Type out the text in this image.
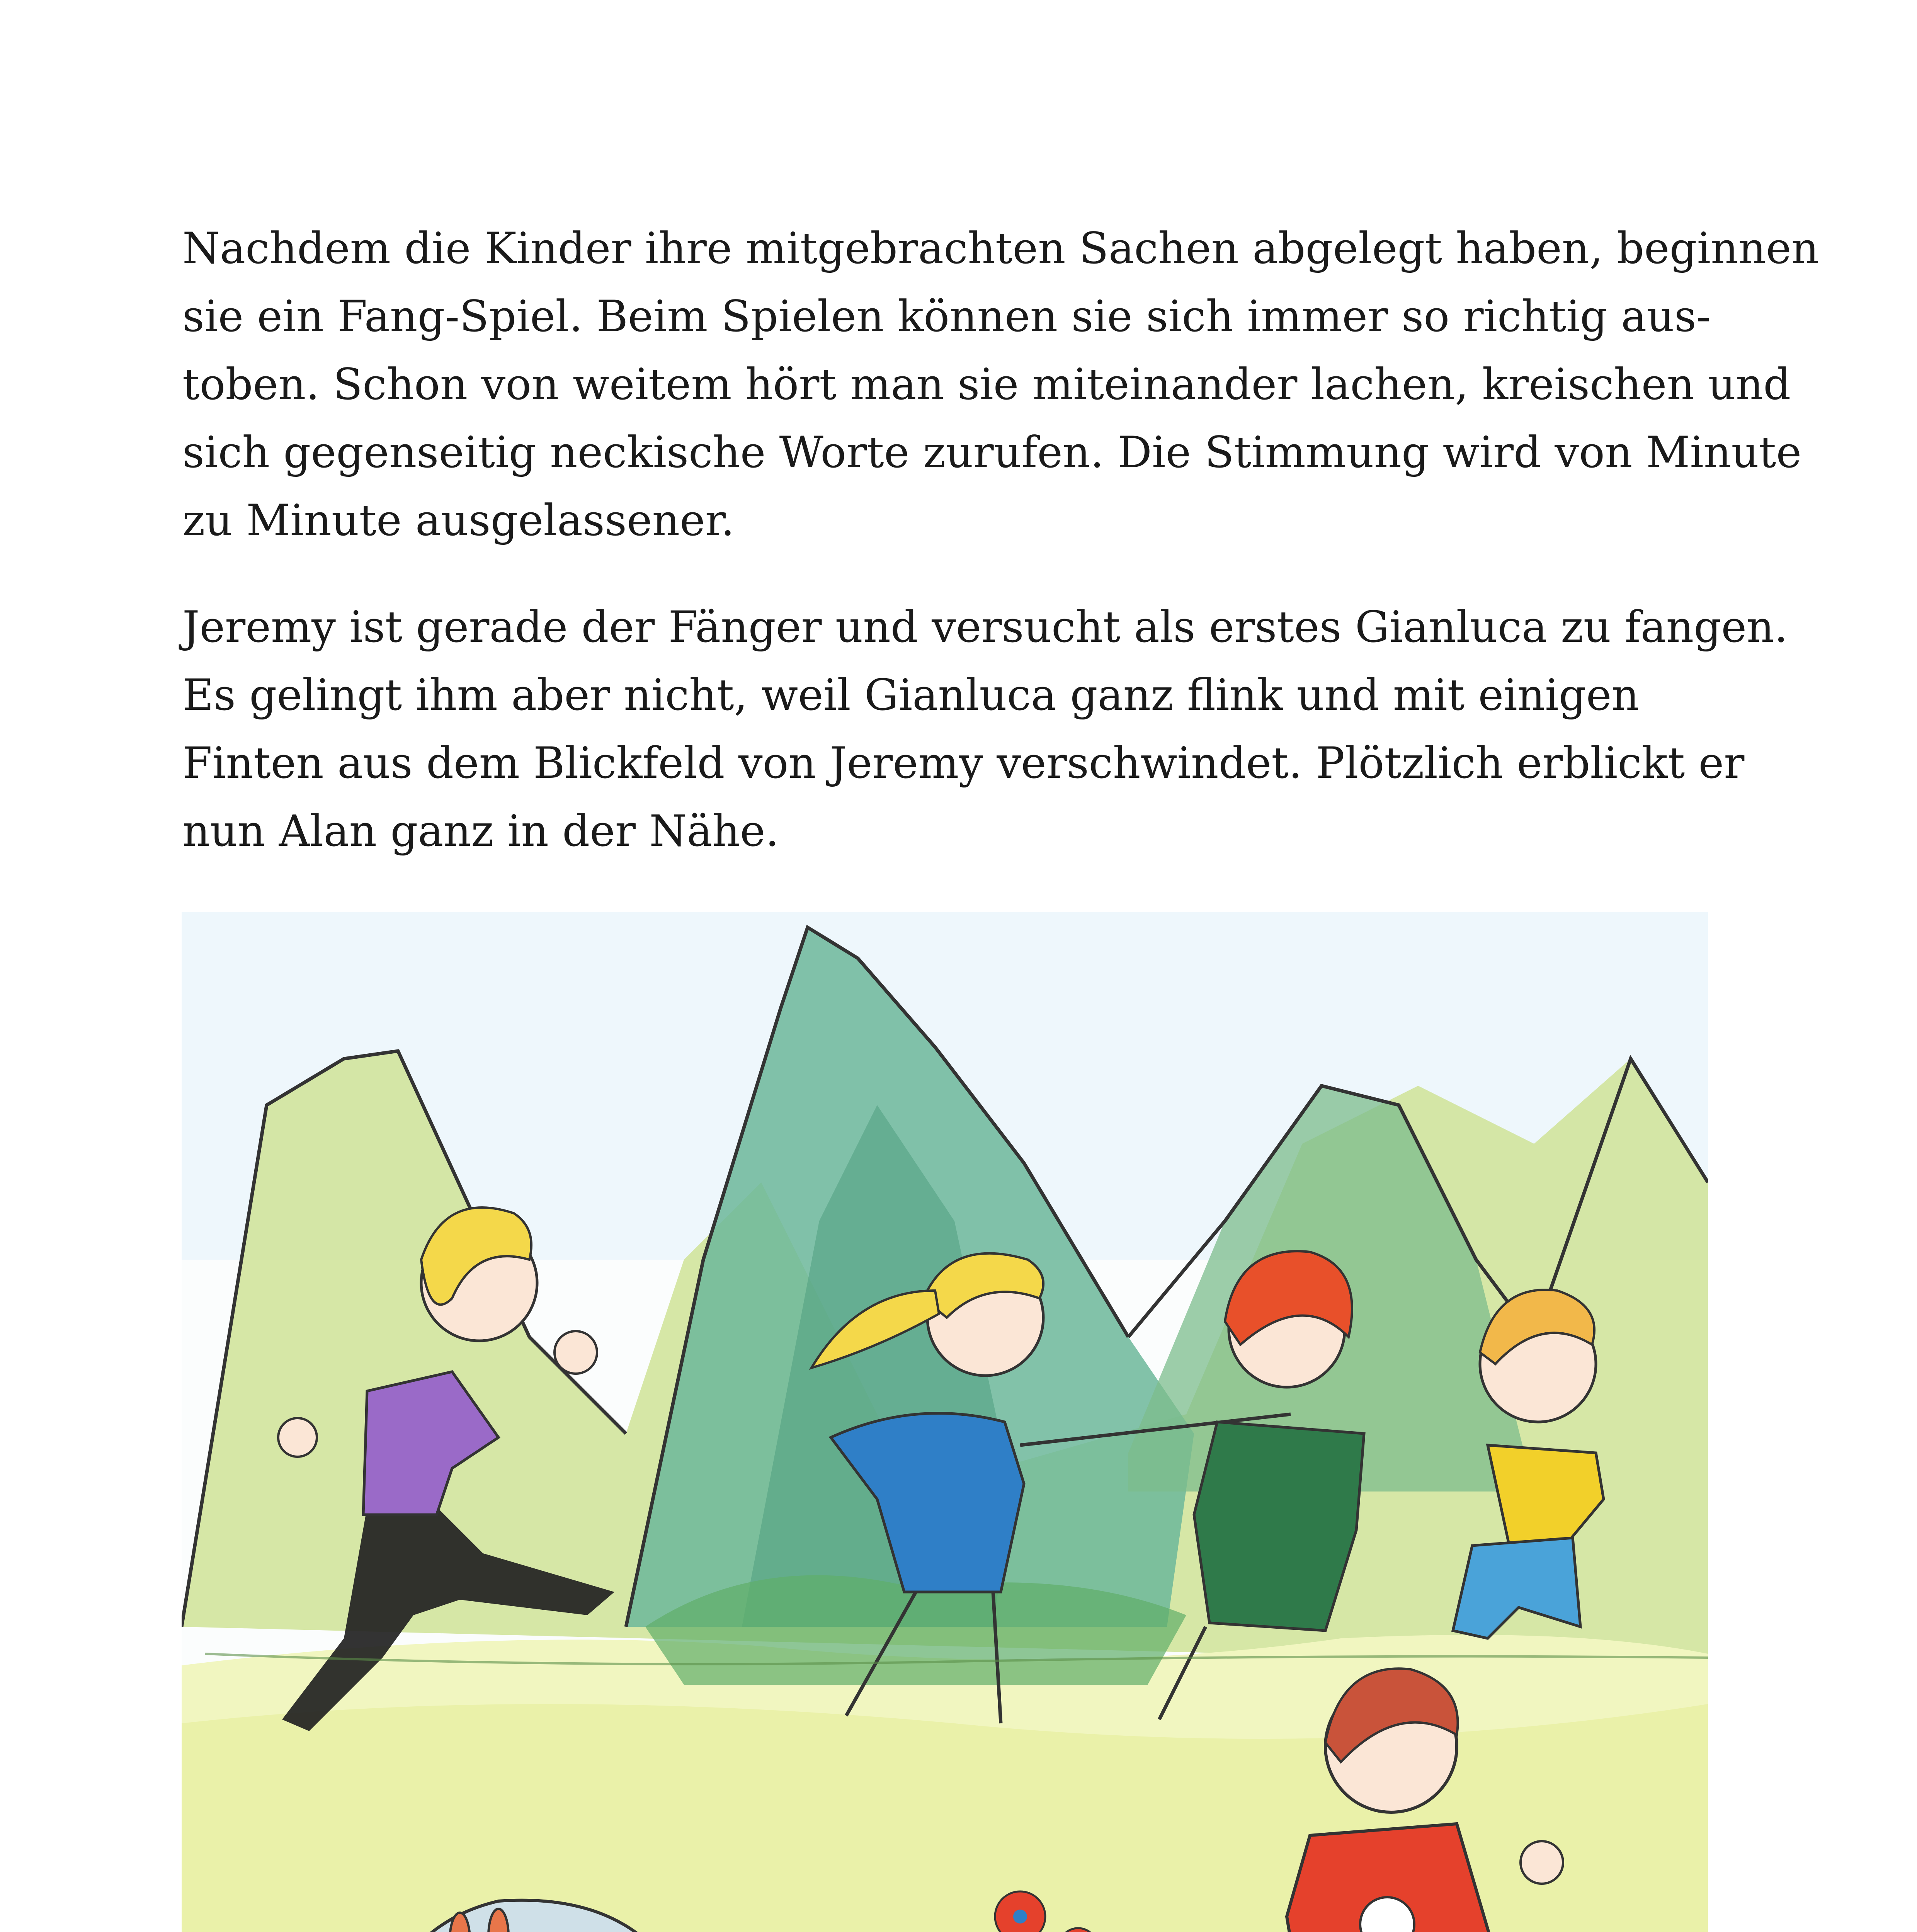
Nachdem die Kinder ihre mitgebrachten Sachen abgelegt haben, beginnen
sie ein Fang-Spiel. Beim Spielen können sie sich immer so richtig aus-
toben. Schon von weitem hört man sie miteinander lachen, kreischen und
sich gegenseitig neckische Worte zurufen. Die Stimmung wird von Minute
zu Minute ausgelassener.
Jeremy ist gerade der Fänger und versucht als erstes Gianluca zu fangen.
Es gelingt ihm aber nicht, weil Gianluca ganz flink und mit einigen
Finten aus dem Blickfeld von Jeremy verschwindet. Plötzlich erblickt er
nun Alan ganz in der Nähe.
